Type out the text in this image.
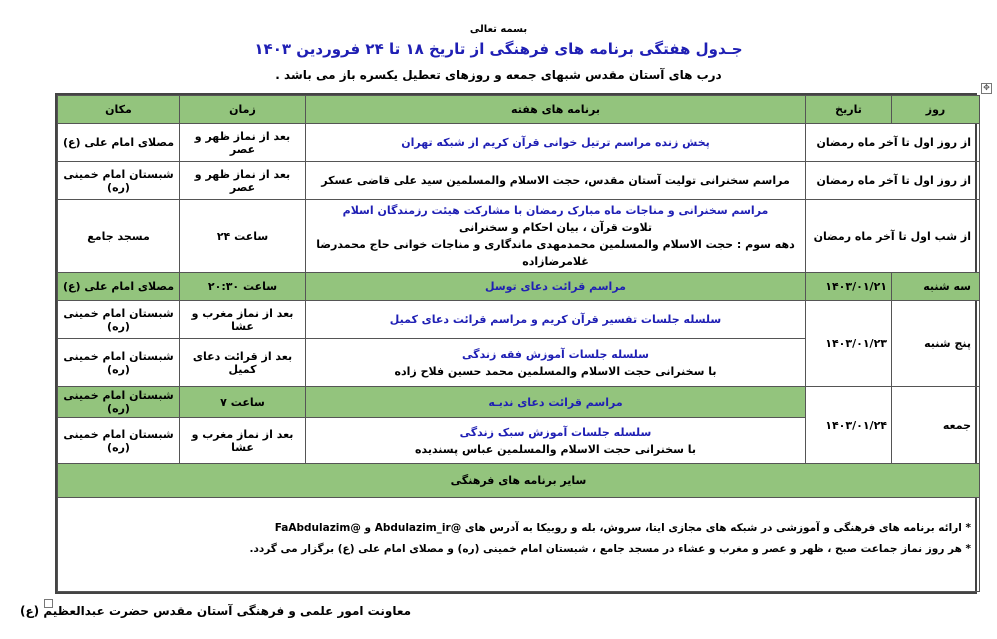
بسمه تعالی
جـدول هفتگی برنامه های فرهنگی از تاریخ ۱۸ تا ۲۴ فروردین ۱۴۰۳
درب های آستان مقدس شبهای جمعه و روزهای تعطیل یکسره باز می باشد .
✥
روز	تاریخ	برنامه های هفته	زمان	مکان
از روز اول تا آخر ماه رمضان		پخش زنده مراسم ترتیل خوانی قرآن کریم از شبکه تهران	بعد از نماز ظهر و عصر	مصلای امام علی (ع)
از روز اول تا آخر ماه رمضان		مراسم سخنرانی تولیت آستان مقدس، حجت الاسلام والمسلمین سید علی قاضی عسکر	بعد از نماز ظهر و عصر	شبستان امام خمینی (ره)
از شب اول تا آخر ماه رمضان		مراسم سخنرانی و مناجات ماه مبارک رمضان با مشارکت هیئت رزمندگان اسلام
تلاوت قرآن ، بیان احکام و سخنرانی
دهه سوم : حجت الاسلام والمسلمین محمدمهدی ماندگاری و مناجات خوانی حاج محمدرضا غلامرضازاده	ساعت ۲۴	مسجد جامع
سه شنبه	۱۴۰۳/۰۱/۲۱	مراسم قرائت دعای توسل	ساعت ۲۰:۳۰	مصلای امام علی (ع)
پنج شنبه	۱۴۰۳/۰۱/۲۳	سلسله جلسات تفسیر قرآن کریم و مراسم قرائت دعای کمیل	بعد از نماز مغرب و عشا	شبستان امام خمینی (ره)

		سلسله جلسات آموزش فقه زندگی
با سخنرانی حجت الاسلام والمسلمین محمد حسین فلاح زاده	بعد از قرائت دعای کمیل	شبستان امام خمینی (ره)
جمعه	۱۴۰۳/۰۱/۲۴	مراسم قرائت دعای ندبـه	ساعت ۷	شبستان امام خمینی (ره)

		سلسله جلسات آموزش سبک زندگی
با سخنرانی حجت الاسلام والمسلمین عباس پسندیده	بعد از نماز مغرب و عشا	شبستان امام خمینی (ره)
سایر برنامه های فرهنگی				

* ارائه برنامه های فرهنگی و آموزشی در شبکه های مجازی ایتا، سروش، بله و روبیکا به آدرس های @Abdulazim_ir و @FaAbdulazim
* هر روز نماز جماعت صبح ، ظهر و عصر و مغرب و عشاء در مسجد جامع ، شبستان امام خمینی (ره) و مصلای امام علی (ع) برگزار می گردد.				
معاونت امور علمی و فرهنگی آستان مقدس حضرت عبدالعظیم (ع)
